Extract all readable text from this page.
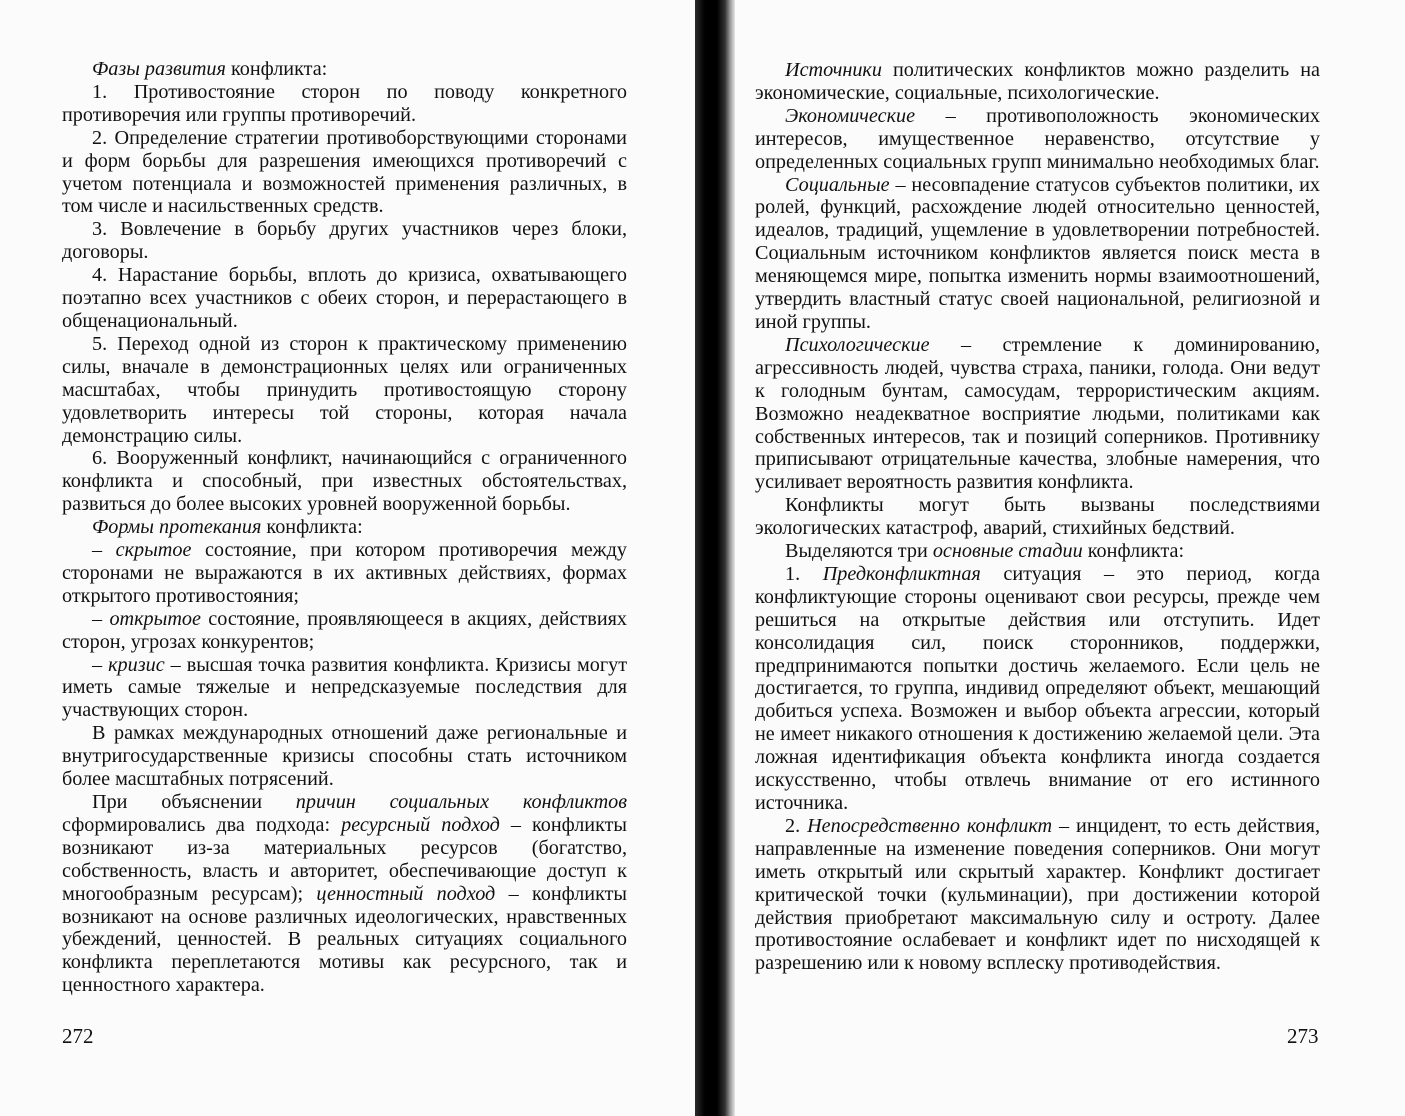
Фазы развития конфликта:

1. Противостояние сторон по поводу конкретного противоречия или группы противоречий.

2. Определение стратегии противоборствующими сторонами и форм борьбы для разрешения имеющихся противоречий с учетом потенциала и возможностей применения различных, в том числе и насильственных средств.

3. Вовлечение в борьбу других участников через блоки, договоры.

4. Нарастание борьбы, вплоть до кризиса, охватывающего поэтапно всех участников с обеих сторон, и перерастающего в общенациональный.

5. Переход одной из сторон к практическому применению силы, вначале в демонстрационных целях или ограниченных масштабах, чтобы принудить противостоящую сторону удовлетворить интересы той стороны, которая начала демонстрацию силы.

6. Вооруженный конфликт, начинающийся с ограниченного конфликта и способный, при известных обстоятельствах, развиться до более высоких уровней вооруженной борьбы.

Формы протекания конфликта:

– скрытое состояние, при котором противоречия между сторонами не выражаются в их активных действиях, формах открытого противостояния;

– открытое состояние, проявляющееся в акциях, действиях сторон, угрозах конкурентов;

– кризис – высшая точка развития конфликта. Кризисы могут иметь самые тяжелые и непредсказуемые последствия для участвующих сторон.

В рамках международных отношений даже региональные и внутригосударственные кризисы способны стать источником более масштабных потрясений.

При объяснении причин социальных конфликтов сформировались два подхода: ресурсный подход – конфликты возникают из-за материальных ресурсов (богатство, собственность, власть и авторитет, обеспечивающие доступ к многообразным ресурсам); ценностный подход – конфликты возникают на основе различных идеологических, нравственных убеждений, ценностей. В реальных ситуациях социального конфликта переплетаются мотивы как ресурсного, так и ценностного характера.

272

Источники политических конфликтов можно разделить на экономические, социальные, психологические.

Экономические – противоположность экономических интересов, имущественное неравенство, отсутствие у определенных социальных групп минимально необходимых благ.

Социальные – несовпадение статусов субъектов политики, их ролей, функций, расхождение людей относительно ценностей, идеалов, традиций, ущемление в удовлетворении потребностей. Социальным источником конфликтов является поиск места в меняющемся мире, попытка изменить нормы взаимоотношений, утвердить властный статус своей национальной, религиозной и иной группы.

Психологические – стремление к доминированию, агрессивность людей, чувства страха, паники, голода. Они ведут к голодным бунтам, самосудам, террористическим акциям. Возможно неадекватное восприятие людьми, политиками как собственных интересов, так и позиций соперников. Противнику приписывают отрицательные качества, злобные намерения, что усиливает вероятность развития конфликта.

Конфликты могут быть вызваны последствиями экологических катастроф, аварий, стихийных бедствий.

Выделяются три основные стадии конфликта:

1. Предконфликтная ситуация – это период, когда конфликтующие стороны оценивают свои ресурсы, прежде чем решиться на открытые действия или отступить. Идет консолидация сил, поиск сторонников, поддержки, предпринимаются попытки достичь желаемого. Если цель не достигается, то группа, индивид определяют объект, мешающий добиться успеха. Возможен и выбор объекта агрессии, который не имеет никакого отношения к достижению желаемой цели. Эта ложная идентификация объекта конфликта иногда создается искусственно, чтобы отвлечь внимание от его истинного источника.

2. Непосредственно конфликт – инцидент, то есть действия, направленные на изменение поведения соперников. Они могут иметь открытый или скрытый характер. Конфликт достигает критической точки (кульминации), при достижении которой действия приобретают максимальную силу и остроту. Далее противостояние ослабевает и конфликт идет по нисходящей к разрешению или к новому всплеску противодействия.

273
